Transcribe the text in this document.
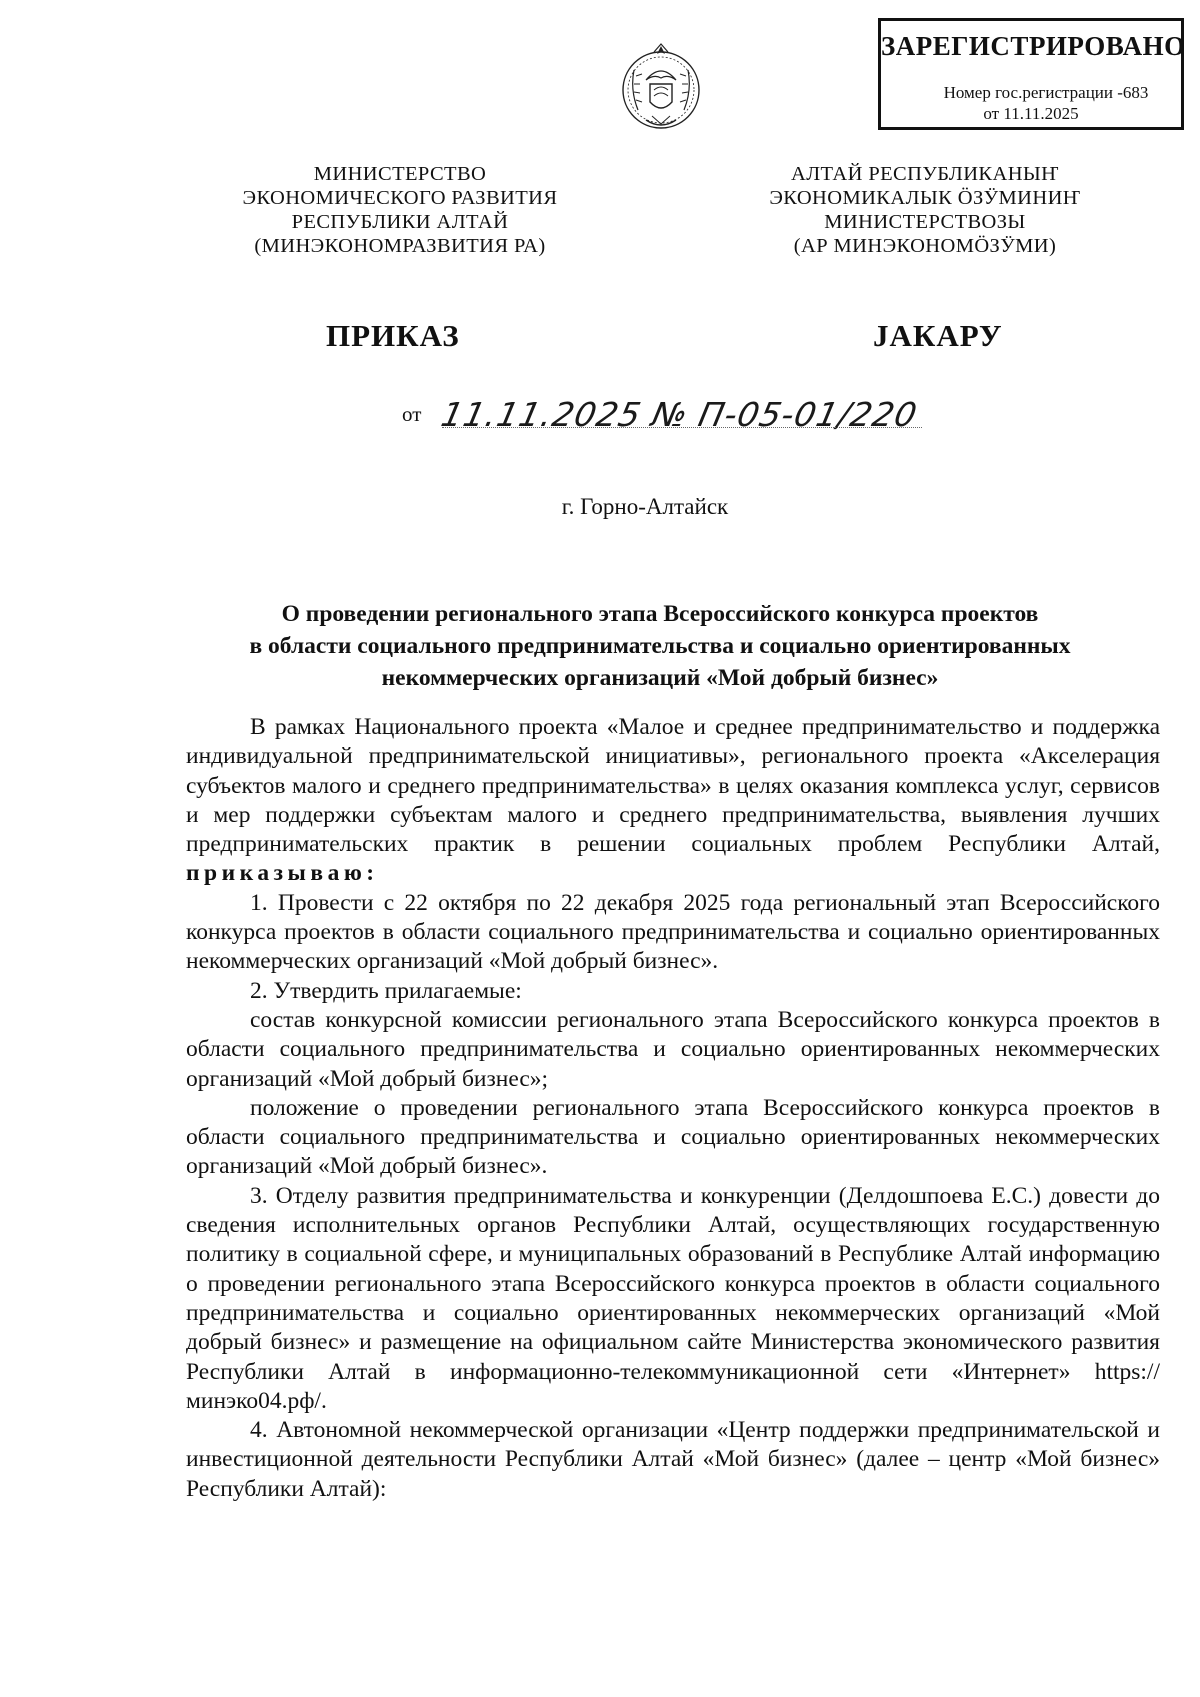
ЗАРЕГИСТРИРОВАНО
Номер гос.регистрации -683
от 11.11.2025
МИНИСТЕРСТВО
ЭКОНОМИЧЕСКОГО РАЗВИТИЯ
РЕСПУБЛИКИ АЛТАЙ
(МИНЭКОНОМРАЗВИТИЯ РА)
АЛТАЙ РЕСПУБЛИКАНЫҤ
ЭКОНОМИКАЛЫК ӦЗӰМИНИҤ
МИНИСТЕРСТВОЗЫ
(АР МИНЭКОНОМӦЗӰМИ)
ПРИКАЗ	ЈАКАРУ
от 11.11.2025 № П-05-01/220
г. Горно-Алтайск
О проведении регионального этапа Всероссийского конкурса проектов
в области социального предпринимательства и социально ориентированных
некоммерческих организаций «Мой добрый бизнес»

В рамках Национального проекта «Малое и среднее предпринимательство и поддержка индивидуальной предпринимательской инициативы», регионального проекта «Акселерация субъектов малого и среднего предпринимательства» в целях оказания комплекса услуг, сервисов и мер поддержки субъектам малого и среднего предпринимательства, выявления лучших предпринимательских практик в решении социальных проблем Республики Алтай, приказываю:

1. Провести с 22 октября по 22 декабря 2025 года региональный этап Всероссийского конкурса проектов в области социального предпринимательства и социально ориентированных некоммерческих организаций «Мой добрый бизнес».

2. Утвердить прилагаемые:

состав конкурсной комиссии регионального этапа Всероссийского конкурса проектов в области социального предпринимательства и социально ориентированных некоммерческих организаций «Мой добрый бизнес»;

положение о проведении регионального этапа Всероссийского конкурса проектов в области социального предпринимательства и социально ориентированных некоммерческих организаций «Мой добрый бизнес».

3. Отделу развития предпринимательства и конкуренции (Делдошпоева Е.С.) довести до сведения исполнительных органов Республики Алтай, осуществляющих государственную политику в социальной сфере, и муниципальных образований в Республике Алтай информацию о проведении регионального этапа Всероссийского конкурса проектов в области социального предпринимательства и социально ориентированных некоммерческих организаций «Мой добрый бизнес» и размещение на официальном сайте Министерства экономического развития Республики Алтай в информационно-телекоммуникационной сети «Интернет» https://минэко04.рф/.

4. Автономной некоммерческой организации «Центр поддержки предпринимательской и инвестиционной деятельности Республики Алтай «Мой бизнес» (далее – центр «Мой бизнес» Республики Алтай):
